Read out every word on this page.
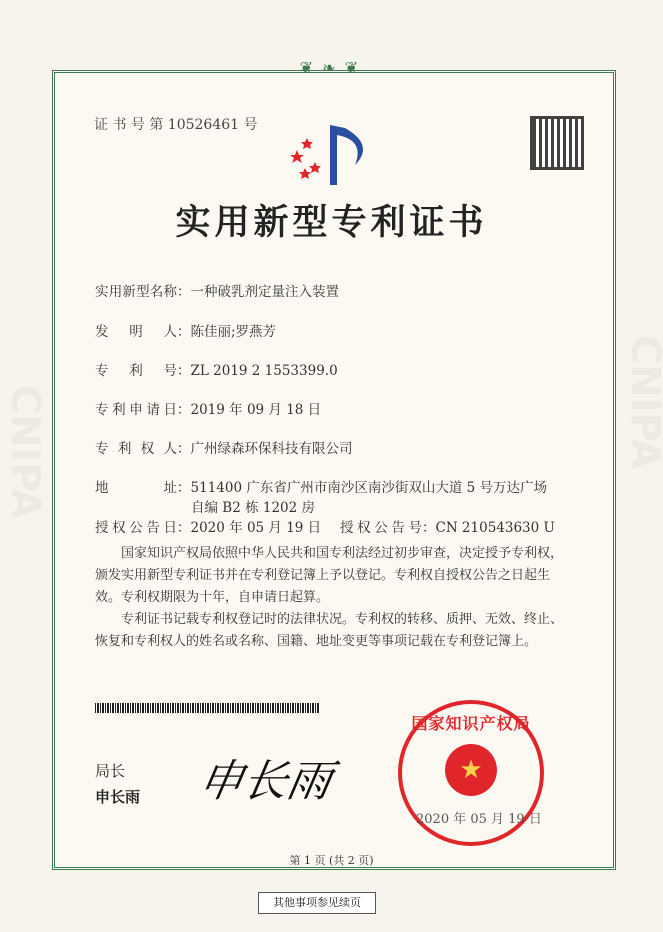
❦ ❧ ❦
证 书 号 第 10526461 号
实用新型专利证书
实用新型名称：一种破乳剂定量注入装置
发明人：陈佳丽;罗燕芳
专利号：ZL 2019 2 1553399.0
专利申请日：2019 年 09 月 18 日
专利权人：广州绿森环保科技有限公司
地址：511400 广东省广州市南沙区南沙街双山大道 5 号万达广场
自编 B2 栋 1202 房
授权公告日：2020 年 05 月 19 日 授权公告号：CN 210543630 U
国家知识产权局依照中华人民共和国专利法经过初步审查，决定授予专利权，颁发实用新型专利证书并在专利登记簿上予以登记。专利权自授权公告之日起生效。专利权期限为十年，自申请日起算。
专利证书记载专利权登记时的法律状况。专利权的转移、质押、无效、终止、恢复和专利权人的姓名或名称、国籍、地址变更等事项记载在专利登记簿上。
局长
申长雨 申长雨
国家知识产权局
★
2020 年 05 月 19 日
第 1 页 (共 2 页)
其他事项参见续页
